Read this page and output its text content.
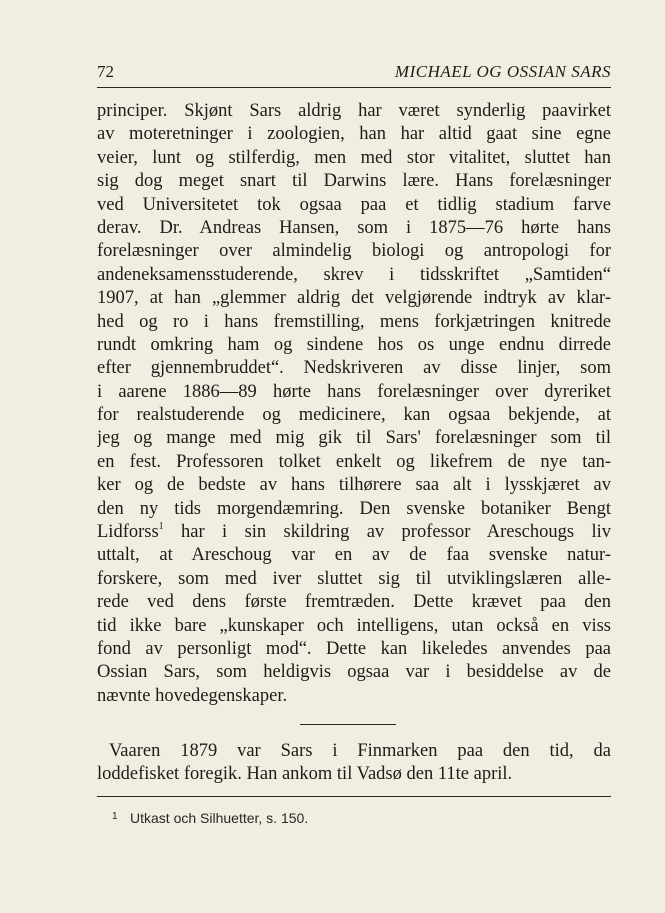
72	MICHAEL OG OSSIAN SARS
principer. Skjønt Sars aldrig har været synderlig paavirket
av moteretninger i zoologien, han har altid gaat sine egne
veier, lunt og stilferdig, men med stor vitalitet, sluttet han
sig dog meget snart til Darwins lære. Hans forelæsninger
ved Universitetet tok ogsaa paa et tidlig stadium farve
derav. Dr. Andreas Hansen, som i 1875—76 hørte hans
forelæsninger over almindelig biologi og antropologi for
andeneksamensstuderende, skrev i tidsskriftet „Samtiden“
1907, at han „glemmer aldrig det velgjørende indtryk av klar-
hed og ro i hans fremstilling, mens forkjætringen knitrede
rundt omkring ham og sindene hos os unge endnu dirrede
efter gjennembruddet“. Nedskriveren av disse linjer, som
i aarene 1886—89 hørte hans forelæsninger over dyreriket
for realstuderende og medicinere, kan ogsaa bekjende, at
jeg og mange med mig gik til Sars' forelæsninger som til
en fest. Professoren tolket enkelt og likefrem de nye tan-
ker og de bedste av hans tilhørere saa alt i lysskjæret av
den ny tids morgendæmring. Den svenske botaniker Bengt
Lidforss$^1$ har i sin skildring av professor Areschougs liv
uttalt, at Areschoug var en av de faa svenske natur-
forskere, som med iver sluttet sig til utviklingslæren alle-
rede ved dens første fremtræden. Dette krævet paa den
tid ikke bare „kunskaper och intelligens, utan också en viss
fond av personligt mod“. Dette kan likeledes anvendes paa
Ossian Sars, som heldigvis ogsaa var i besiddelse av de
nævnte hovedegenskaper.
Vaaren 1879 var Sars i Finmarken paa den tid, da
loddefisket foregik. Han ankom til Vadsø den 11te april.
1 Utkast och Silhuetter, s. 150.
